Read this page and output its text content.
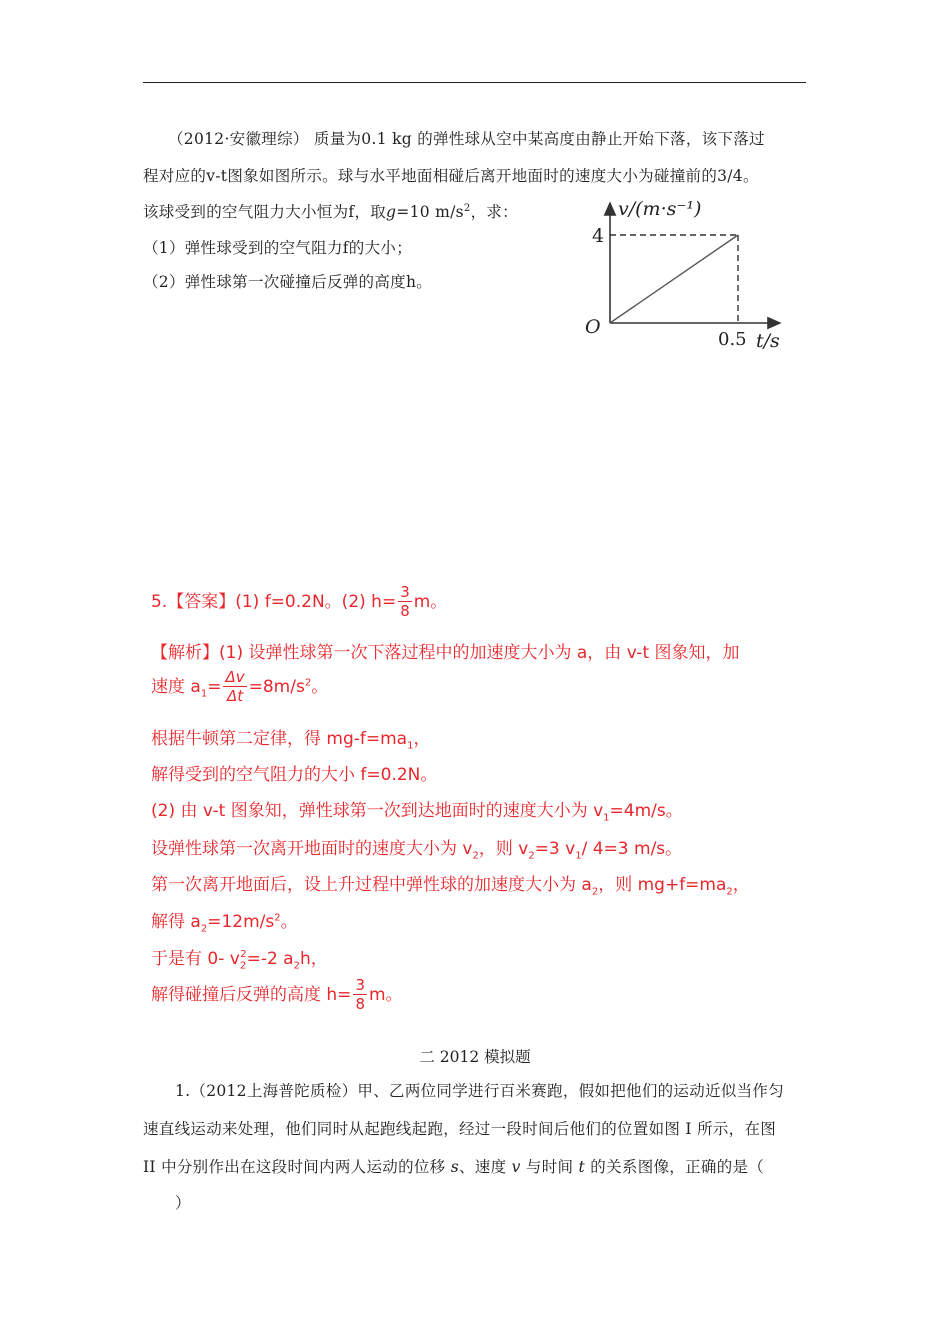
（2012·安徽理综） 质量为0.1 kg 的弹性球从空中某高度由静止开始下落，该下落过
程对应的v-t图象如图所示。球与水平地面相碰后离开地面时的速度大小为碰撞前的3/4。
该球受到的空气阻力大小恒为f，取g=10 $m/s^2$，求：
（1）弹性球受到的空气阻力f的大小；
（2）弹性球第一次碰撞后反弹的高度h。
v/(m·s⁻¹)
4
O
0.5 t/s
5.【答案】(1) f=0.2N。(2) $h= \frac{3}{8}$ m。
【解析】(1) 设弹性球第一次下落过程中的加速度大小为 a，由 v-t 图象知，加
速度 $a_1= \frac{\Delta v}{\Delta t} =8m/s^2$。
根据牛顿第二定律，得 $mg-f=ma_1$，
解得受到的空气阻力的大小 f=0.2N。
(2) 由 v-t 图象知，弹性球第一次到达地面时的速度大小为 $v_1=4m/s$。
设弹性球第一次离开地面时的速度大小为 $v_2$，则 $v_2=3$ $v_1/$ 4=3 m/s。
第一次离开地面后，设上升过程中弹性球的加速度大小为 $a_2$，则 $mg+f=ma_2$，
解得 $a_2=12m/s^2$。
于是有 0- $v_2^2=-2$ $a_2h$，
解得碰撞后反弹的高度 $h= \frac{3}{8}$ m。
二 2012 模拟题
1.（2012上海普陀质检）甲、乙两位同学进行百米赛跑，假如把他们的运动近似当作匀
速直线运动来处理，他们同时从起跑线起跑，经过一段时间后他们的位置如图 I 所示，在图
II 中分别作出在这段时间内两人运动的位移 s、速度 v 与时间 t 的关系图像，正确的是（
）
